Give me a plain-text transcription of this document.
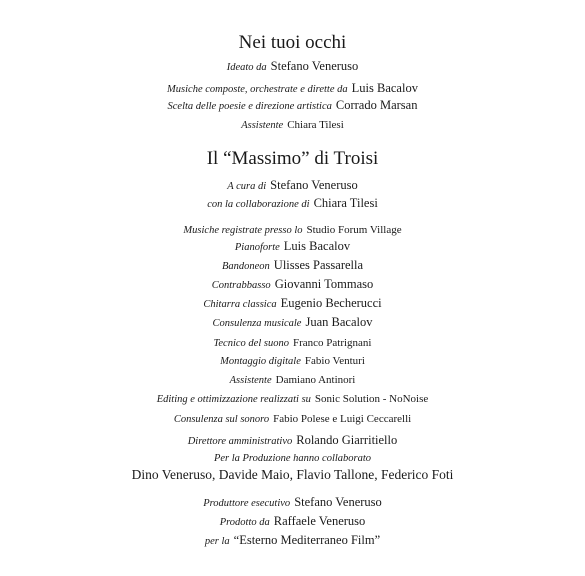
Nei tuoi occhi
Ideato da Stefano Veneruso
Musiche composte, orchestrate e dirette da Luis Bacalov
Scelta delle poesie e direzione artistica Corrado Marsan
Assistente Chiara Tilesi
Il “Massimo” di Troisi
A cura di Stefano Veneruso
con la collaborazione di Chiara Tilesi
Musiche registrate presso lo Studio Forum Village
Pianoforte Luis Bacalov
Bandoneon Ulisses Passarella
Contrabbasso Giovanni Tommaso
Chitarra classica Eugenio Becherucci
Consulenza musicale Juan Bacalov
Tecnico del suono Franco Patrignani
Montaggio digitale Fabio Venturi
Assistente Damiano Antinori
Editing e ottimizzazione realizzati su Sonic Solution - NoNoise
Consulenza sul sonoro Fabio Polese e Luigi Ceccarelli
Direttore amministrativo Rolando Giarritiello
Per la Produzione hanno collaborato
Dino Veneruso, Davide Maio, Flavio Tallone, Federico Foti
Produttore esecutivo Stefano Veneruso
Prodotto da Raffaele Veneruso
per la “Esterno Mediterraneo Film”
